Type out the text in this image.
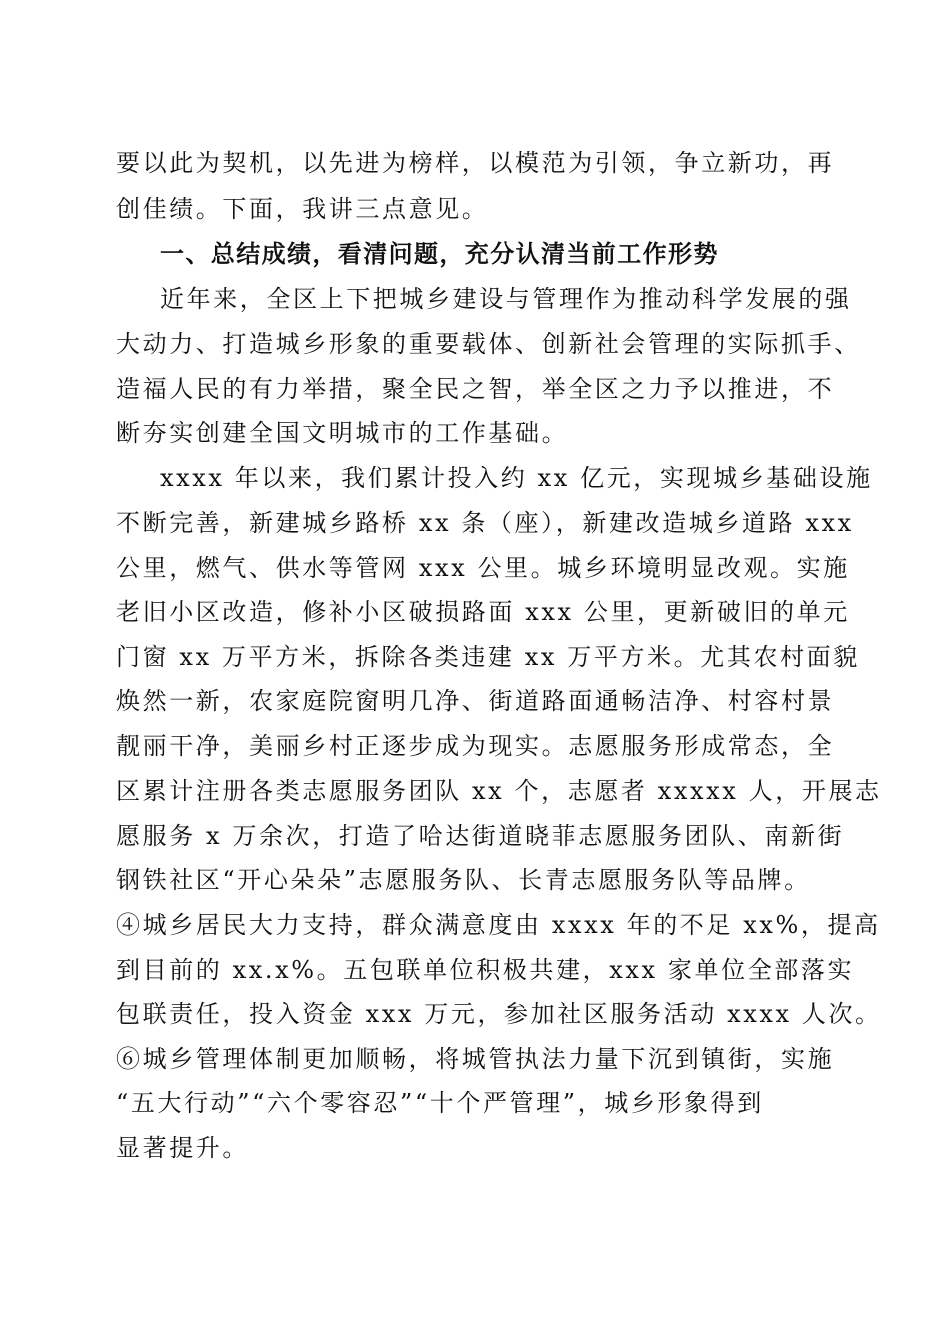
要以此为契机，以先进为榜样，以模范为引领，争立新功，再
创佳绩。下面，我讲三点意见。
一、总结成绩，看清问题，充分认清当前工作形势
近年来，全区上下把城乡建设与管理作为推动科学发展的强
大动力、打造城乡形象的重要载体、创新社会管理的实际抓手、
造福人民的有力举措，聚全民之智，举全区之力予以推进，不
断夯实创建全国文明城市的工作基础。
xxxx 年以来，我们累计投入约 xx 亿元，实现城乡基础设施
不断完善，新建城乡路桥 xx 条（座），新建改造城乡道路 xxx
公里，燃气、供水等管网 xxx 公里。城乡环境明显改观。实施
老旧小区改造，修补小区破损路面 xxx 公里，更新破旧的单元
门窗 xx 万平方米，拆除各类违建 xx 万平方米。尤其农村面貌
焕然一新，农家庭院窗明几净、街道路面通畅洁净、村容村景
靓丽干净，美丽乡村正逐步成为现实。志愿服务形成常态，全
区累计注册各类志愿服务团队 xx 个，志愿者 xxxxx 人，开展志
愿服务 x 万余次，打造了哈达街道晓菲志愿服务团队、南新街
钢铁社区“开心朵朵”志愿服务队、长青志愿服务队等品牌。
④城乡居民大力支持，群众满意度由 xxxx 年的不足 xx%，提高
到目前的 xx.x%。五包联单位积极共建，xxx 家单位全部落实
包联责任，投入资金 xxx 万元，参加社区服务活动 xxxx 人次。
⑥城乡管理体制更加顺畅，将城管执法力量下沉到镇街，实施
“五大行动”“六个零容忍”“十个严管理”，城乡形象得到
显著提升。
